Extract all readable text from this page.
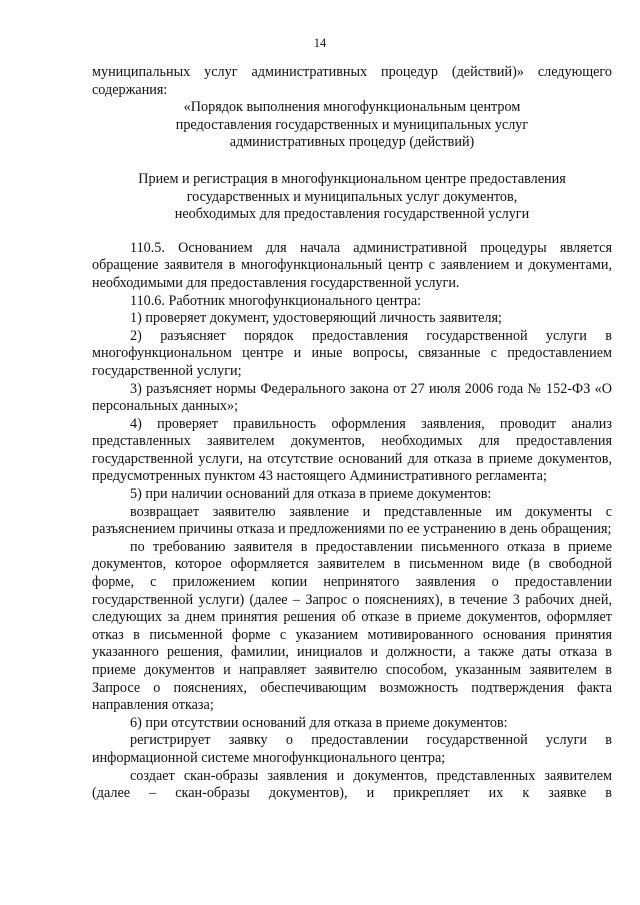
14

муниципальных услуг административных процедур (действий)» следующего содержания:

«Порядок выполнения многофункциональным центром

предоставления государственных и муниципальных услуг

административных процедур (действий)

Прием и регистрация в многофункциональном центре предоставления

государственных и муниципальных услуг документов,

необходимых для предоставления государственной услуги

110.5. Основанием для начала административной процедуры является обращение заявителя в многофункциональный центр с заявлением и документами, необходимыми для предоставления государственной услуги.

110.6. Работник многофункционального центра:

1) проверяет документ, удостоверяющий личность заявителя;

2) разъясняет порядок предоставления государственной услуги в многофункциональном центре и иные вопросы, связанные с предоставлением государственной услуги;

3) разъясняет нормы Федерального закона от 27 июля 2006 года № 152-ФЗ «О персональных данных»;

4) проверяет правильность оформления заявления, проводит анализ представленных заявителем документов, необходимых для предоставления государственной услуги, на отсутствие оснований для отказа в приеме документов, предусмотренных пунктом 43 настоящего Административного регламента;

5) при наличии оснований для отказа в приеме документов:

возвращает заявителю заявление и представленные им документы с разъяснением причины отказа и предложениями по ее устранению в день обращения;

по требованию заявителя в предоставлении письменного отказа в приеме документов, которое оформляется заявителем в письменном виде (в свободной форме, с приложением копии непринятого заявления о предоставлении государственной услуги) (далее – Запрос о пояснениях), в течение 3 рабочих дней, следующих за днем принятия решения об отказе в приеме документов, оформляет отказ в письменной форме с указанием мотивированного основания принятия указанного решения, фамилии, инициалов и должности, а также даты отказа в приеме документов и направляет заявителю способом, указанным заявителем в Запросе о пояснениях, обеспечивающим возможность подтверждения факта направления отказа;

6) при отсутствии оснований для отказа в приеме документов:

регистрирует заявку о предоставлении государственной услуги в информационной системе многофункционального центра;

создает скан-образы заявления и документов, представленных заявителем (далее – скан-образы документов), и прикрепляет их к заявке в
